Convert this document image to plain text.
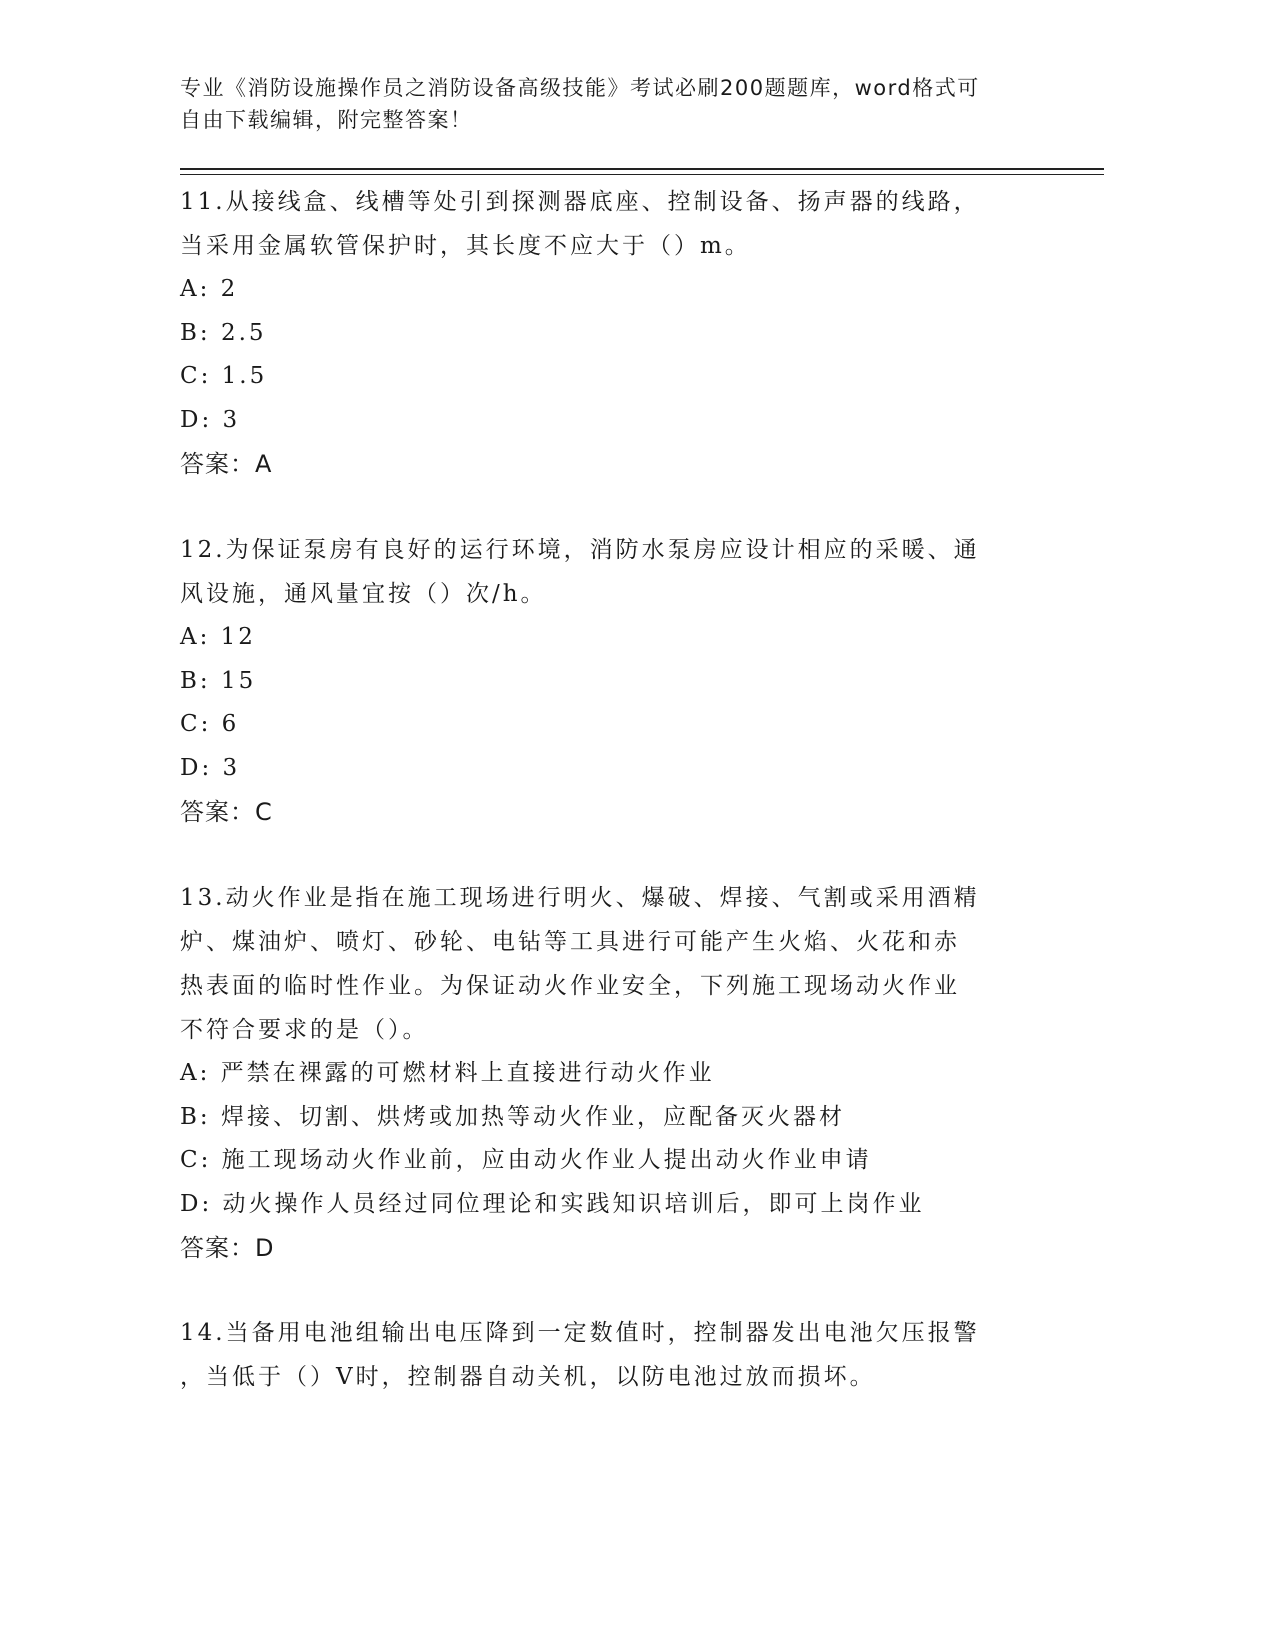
专业《消防设施操作员之消防设备高级技能》考试必刷200题题库，word格式可
自由下载编辑，附完整答案！
11.从接线盒、线槽等处引到探测器底座、控制设备、扬声器的线路，
当采用金属软管保护时，其长度不应大于（）m。
A: 2
B: 2.5
C: 1.5
D: 3
答案：A
12.为保证泵房有良好的运行环境，消防水泵房应设计相应的采暖、通
风设施，通风量宜按（）次/h。
A: 12
B: 15
C: 6
D: 3
答案：C
13.动火作业是指在施工现场进行明火、爆破、焊接、气割或采用酒精
炉、煤油炉、喷灯、砂轮、电钻等工具进行可能产生火焰、火花和赤
热表面的临时性作业。为保证动火作业安全，下列施工现场动火作业
不符合要求的是（）。
A: 严禁在裸露的可燃材料上直接进行动火作业
B: 焊接、切割、烘烤或加热等动火作业，应配备灭火器材
C: 施工现场动火作业前，应由动火作业人提出动火作业申请
D: 动火操作人员经过同位理论和实践知识培训后，即可上岗作业
答案：D
14.当备用电池组输出电压降到一定数值时，控制器发出电池欠压报警
，当低于（）V时，控制器自动关机，以防电池过放而损坏。
